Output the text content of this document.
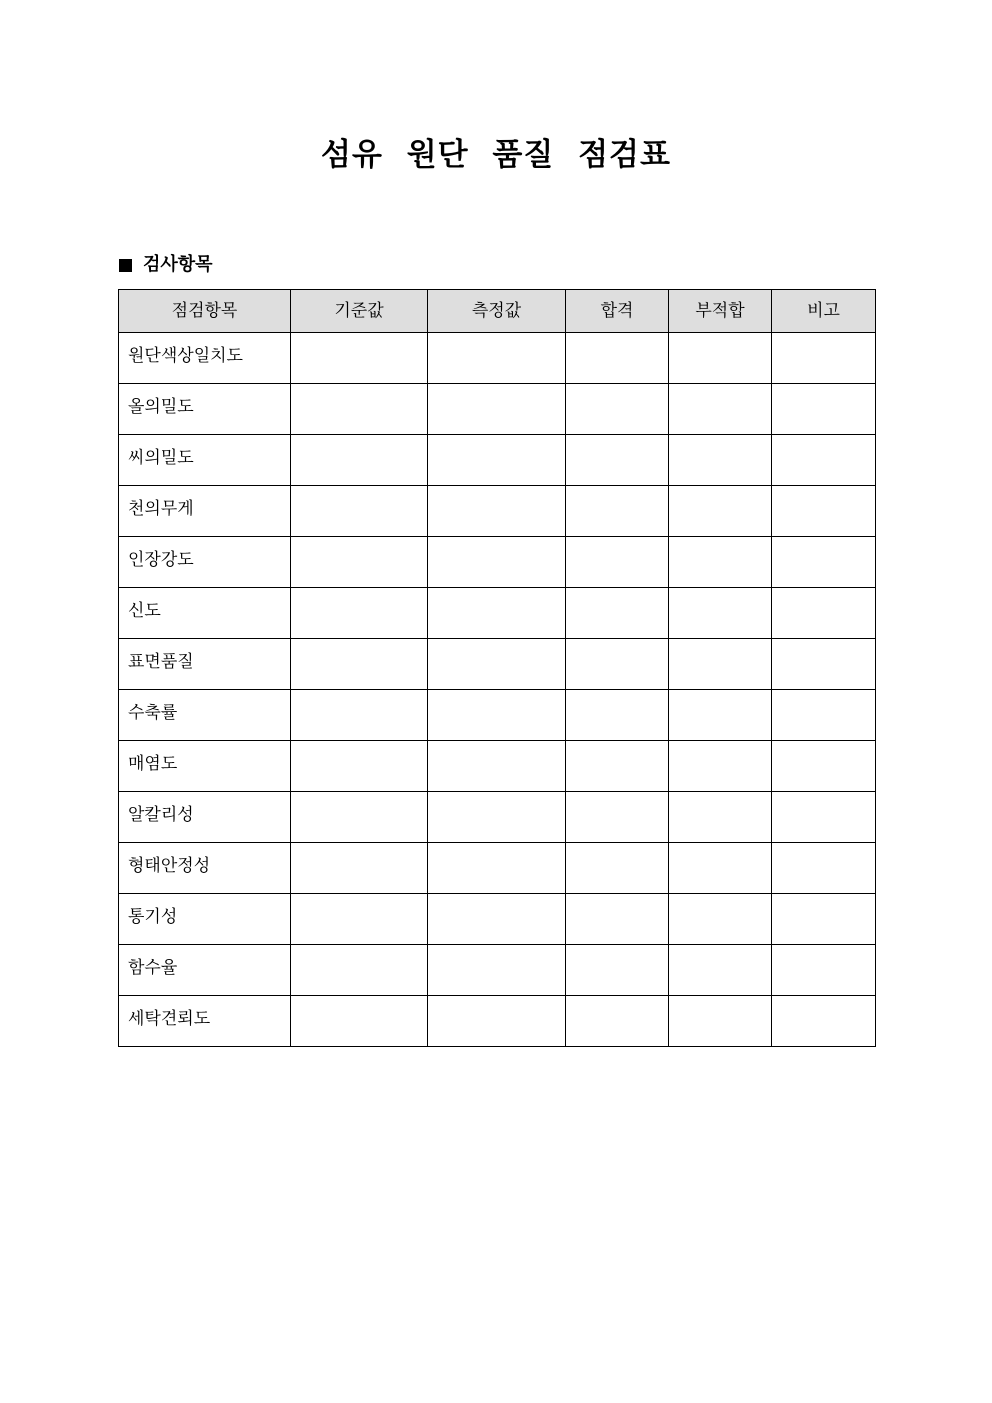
섬유 원단 품질 점검표
검사항목
점검항목	기준값	측정값	합격	부적합	비고
원단색상일치도					
올의밀도					
씨의밀도					
천의무게					
인장강도					
신도					
표면품질					
수축률					
매염도					
알칼리성					
형태안정성					
통기성					
함수율					
세탁견뢰도					
